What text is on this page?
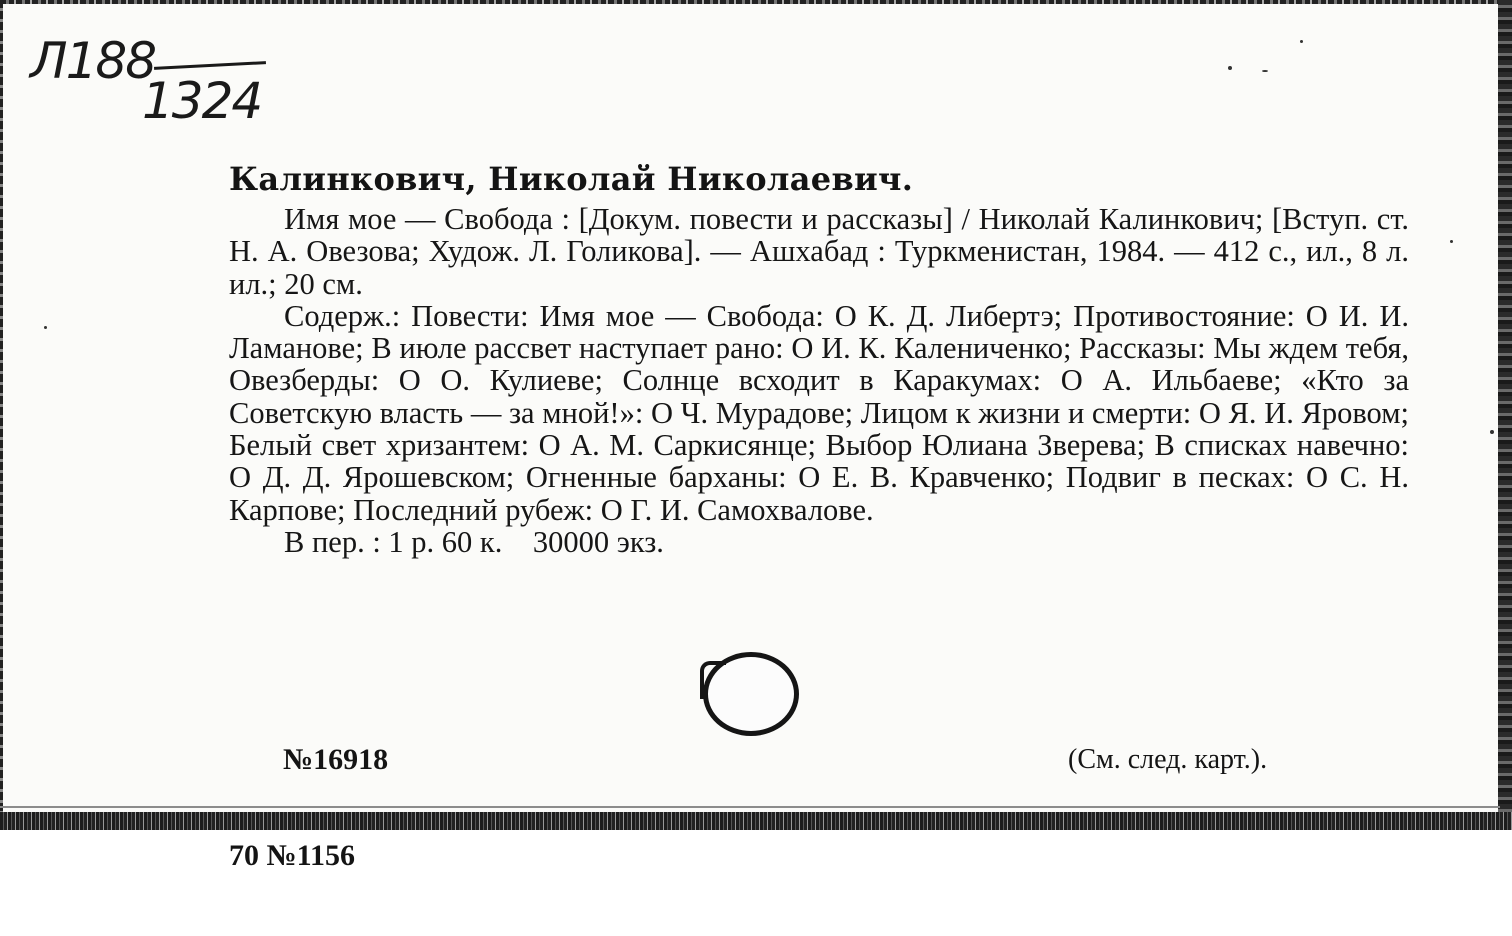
Л188
1324
Калинкович, Николай Николаевич.

Имя мое — Свобода : [Докум. повести и рассказы] / Николай Калинкович; [Вступ. ст. Н. А. Овезова; Худож. Л. Голикова]. — Ашхабад : Туркменистан, 1984. — 412 с., ил., 8 л. ил.; 20 см.

Содерж.: Повести: Имя мое — Свобода: О К. Д. Либертэ; Противостояние: О И. И. Ламанове; В июле рассвет наступает рано: О И. К. Калениченко; Рассказы: Мы ждем тебя, Овезберды: О О. Кулиеве; Солнце всходит в Каракумах: О А. Ильбаеве; «Кто за Советскую власть — за мной!»: О Ч. Мурадове; Лицом к жизни и смерти: О Я. И. Яровом; Белый свет хризантем: О А. М. Саркисянце; Выбор Юлиана Зверева; В списках навечно: О Д. Д. Ярошевском; Огненные барханы: О Е. В. Кравченко; Подвиг в песках: О С. Н. Карпове; Последний рубеж: О Г. И. Самохвалове.

В пер. : 1 р. 60 к.    30000 экз.

№16918

70 №1156

(См. след. карт.).
